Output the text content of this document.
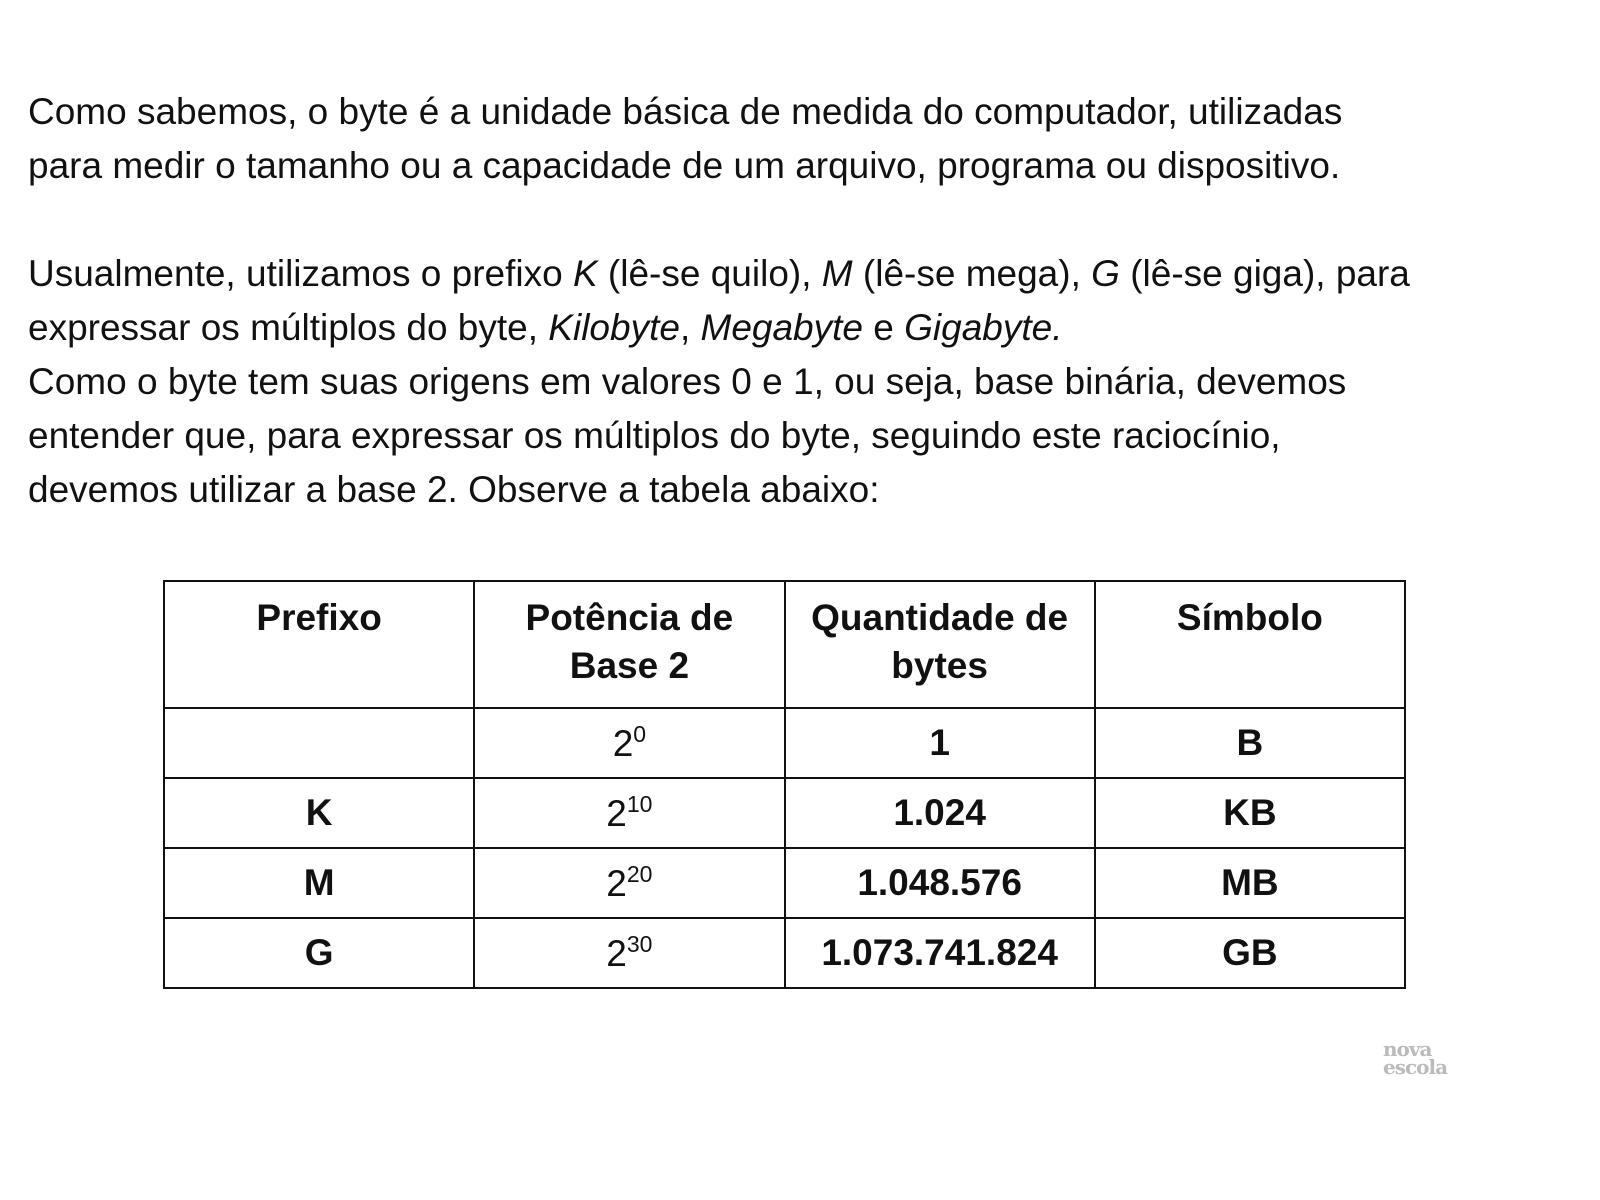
Como sabemos, o byte é a unidade básica de medida do computador, utilizadas
para medir o tamanho ou a capacidade de um arquivo, programa ou dispositivo.
Usualmente, utilizamos o prefixo K (lê-se quilo), M (lê-se mega), G (lê-se giga), para
expressar os múltiplos do byte, Kilobyte, Megabyte e Gigabyte.
Como o byte tem suas origens em valores 0 e 1, ou seja, base binária, devemos
entender que, para expressar os múltiplos do byte, seguindo este raciocínio,
devemos utilizar a base 2. Observe a tabela abaixo:
Prefixo	Potência de Base 2	Quantidade de bytes	Símbolo
	$2^0$	1	B
K	$2^{10}$	1.024	KB
M	$2^{20}$	1.048.576	MB
G	$2^{30}$	1.073.741.824	GB
nova
escola
